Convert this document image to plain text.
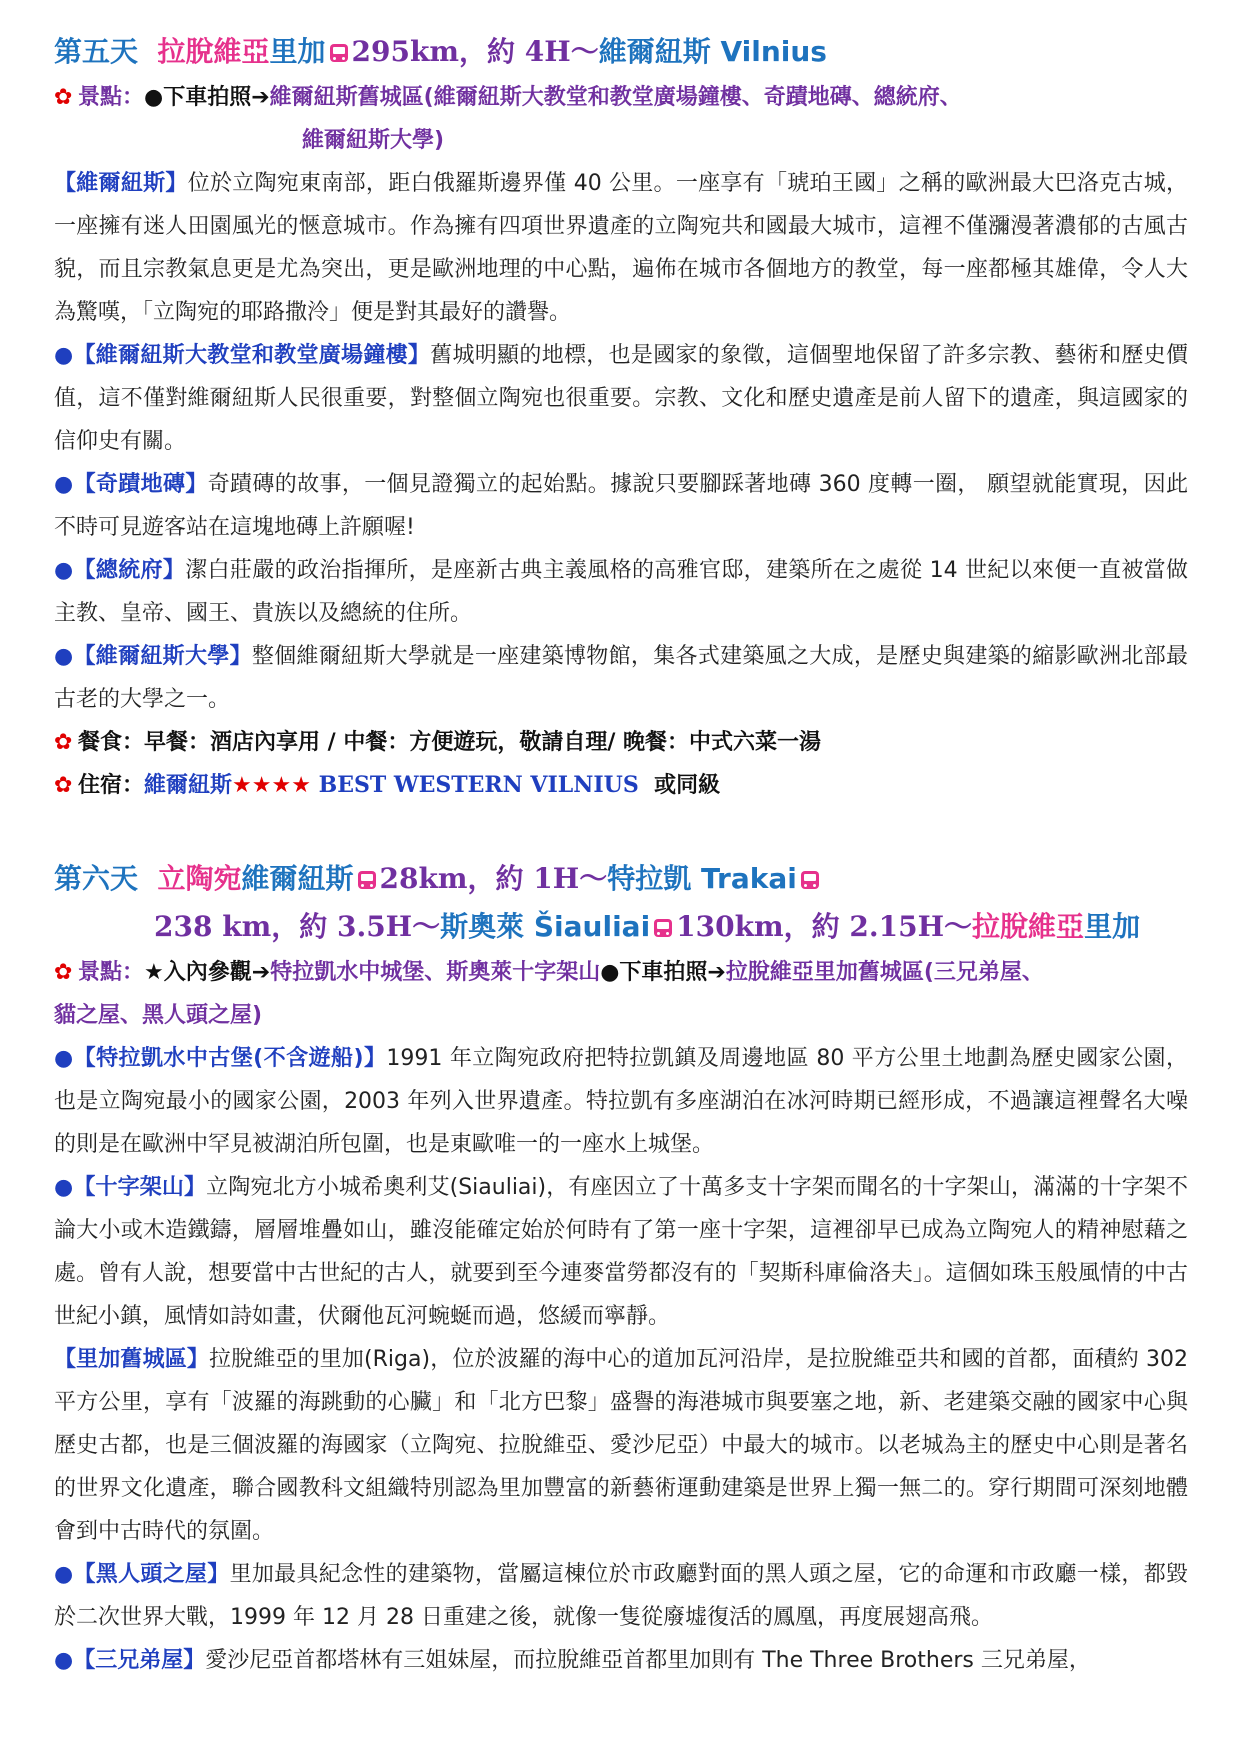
第五天 拉脫維亞里加 295km，約 4H～維爾紐斯 Vilnius
✿ 景點：●下車拍照➔維爾紐斯舊城區(維爾紐斯大教堂和教堂廣場鐘樓、奇蹟地磚、總統府、
維爾紐斯大學)

【維爾紐斯】位於立陶宛東南部，距白俄羅斯邊界僅 40 公里。一座享有「琥珀王國」之稱的歐洲最大巴洛克古城，一座擁有迷人田園風光的愜意城市。作為擁有四項世界遺產的立陶宛共和國最大城市，這裡不僅瀰漫著濃郁的古風古貌，而且宗教氣息更是尤為突出，更是歐洲地理的中心點，遍佈在城市各個地方的教堂，每一座都極其雄偉，令人大為驚嘆，「立陶宛的耶路撒泠」便是對其最好的讚譽。

●【維爾紐斯大教堂和教堂廣場鐘樓】舊城明顯的地標，也是國家的象徵，這個聖地保留了許多宗教、藝術和歷史價值，這不僅對維爾紐斯人民很重要，對整個立陶宛也很重要。宗教、文化和歷史遺產是前人留下的遺產，與這國家的信仰史有關。

●【奇蹟地磚】奇蹟磚的故事，一個見證獨立的起始點。據說只要腳踩著地磚 360 度轉一圈， 願望就能實現，因此不時可見遊客站在這塊地磚上許願喔!

●【總統府】潔白莊嚴的政治指揮所，是座新古典主義風格的高雅官邸，建築所在之處從 14 世紀以來便一直被當做主教、皇帝、國王、貴族以及總統的住所。

●【維爾紐斯大學】整個維爾紐斯大學就是一座建築博物館，集各式建築風之大成，是歷史與建築的縮影歐洲北部最古老的大學之一。

✿ 餐食：早餐：酒店內享用 / 中餐：方便遊玩，敬請自理/ 晚餐：中式六菜一湯
✿ 住宿：維爾紐斯★★★★ BEST WESTERN VILNIUS 或同級
第六天 立陶宛維爾紐斯 28km，約 1H～特拉凱 Trakai
238 km，約 3.5H～斯奧萊 Šiauliai 130km，約 2.15H～拉脫維亞里加
✿ 景點：★入內參觀➔特拉凱水中城堡、斯奧萊十字架山●下車拍照➔拉脫維亞里加舊城區(三兄弟屋、
貓之屋、黑人頭之屋)

●【特拉凱水中古堡(不含遊船)】1991 年立陶宛政府把特拉凱鎮及周邊地區 80 平方公里土地劃為歷史國家公園，也是立陶宛最小的國家公園，2003 年列入世界遺產。特拉凱有多座湖泊在冰河時期已經形成，不過讓這裡聲名大噪的則是在歐洲中罕見被湖泊所包圍，也是東歐唯一的一座水上城堡。

●【十字架山】立陶宛北方小城希奧利艾(Siauliai)，有座因立了十萬多支十字架而聞名的十字架山，滿滿的十字架不論大小或木造鐵鑄，層層堆疊如山，雖沒能確定始於何時有了第一座十字架，這裡卻早已成為立陶宛人的精神慰藉之處。曾有人說，想要當中古世紀的古人，就要到至今連麥當勞都沒有的「契斯科庫倫洛夫」。這個如珠玉般風情的中古世紀小鎮，風情如詩如畫，伏爾他瓦河蜿蜒而過，悠緩而寧靜。

【里加舊城區】拉脫維亞的里加(Riga)，位於波羅的海中心的道加瓦河沿岸，是拉脫維亞共和國的首都，面積約 302 平方公里，享有「波羅的海跳動的心臟」和「北方巴黎」盛譽的海港城市與要塞之地，新、老建築交融的國家中心與歷史古都，也是三個波羅的海國家（立陶宛、拉脫維亞、愛沙尼亞）中最大的城市。以老城為主的歷史中心則是著名的世界文化遺產，聯合國教科文組織特別認為里加豐富的新藝術運動建築是世界上獨一無二的。穿行期間可深刻地體會到中古時代的氛圍。

●【黑人頭之屋】里加最具紀念性的建築物，當屬這棟位於市政廳對面的黑人頭之屋，它的命運和市政廳一樣，都毀於二次世界大戰，1999 年 12 月 28 日重建之後，就像一隻從廢墟復活的鳳凰，再度展翅高飛。

●【三兄弟屋】愛沙尼亞首都塔林有三姐妹屋，而拉脫維亞首都里加則有 The Three Brothers 三兄弟屋，
